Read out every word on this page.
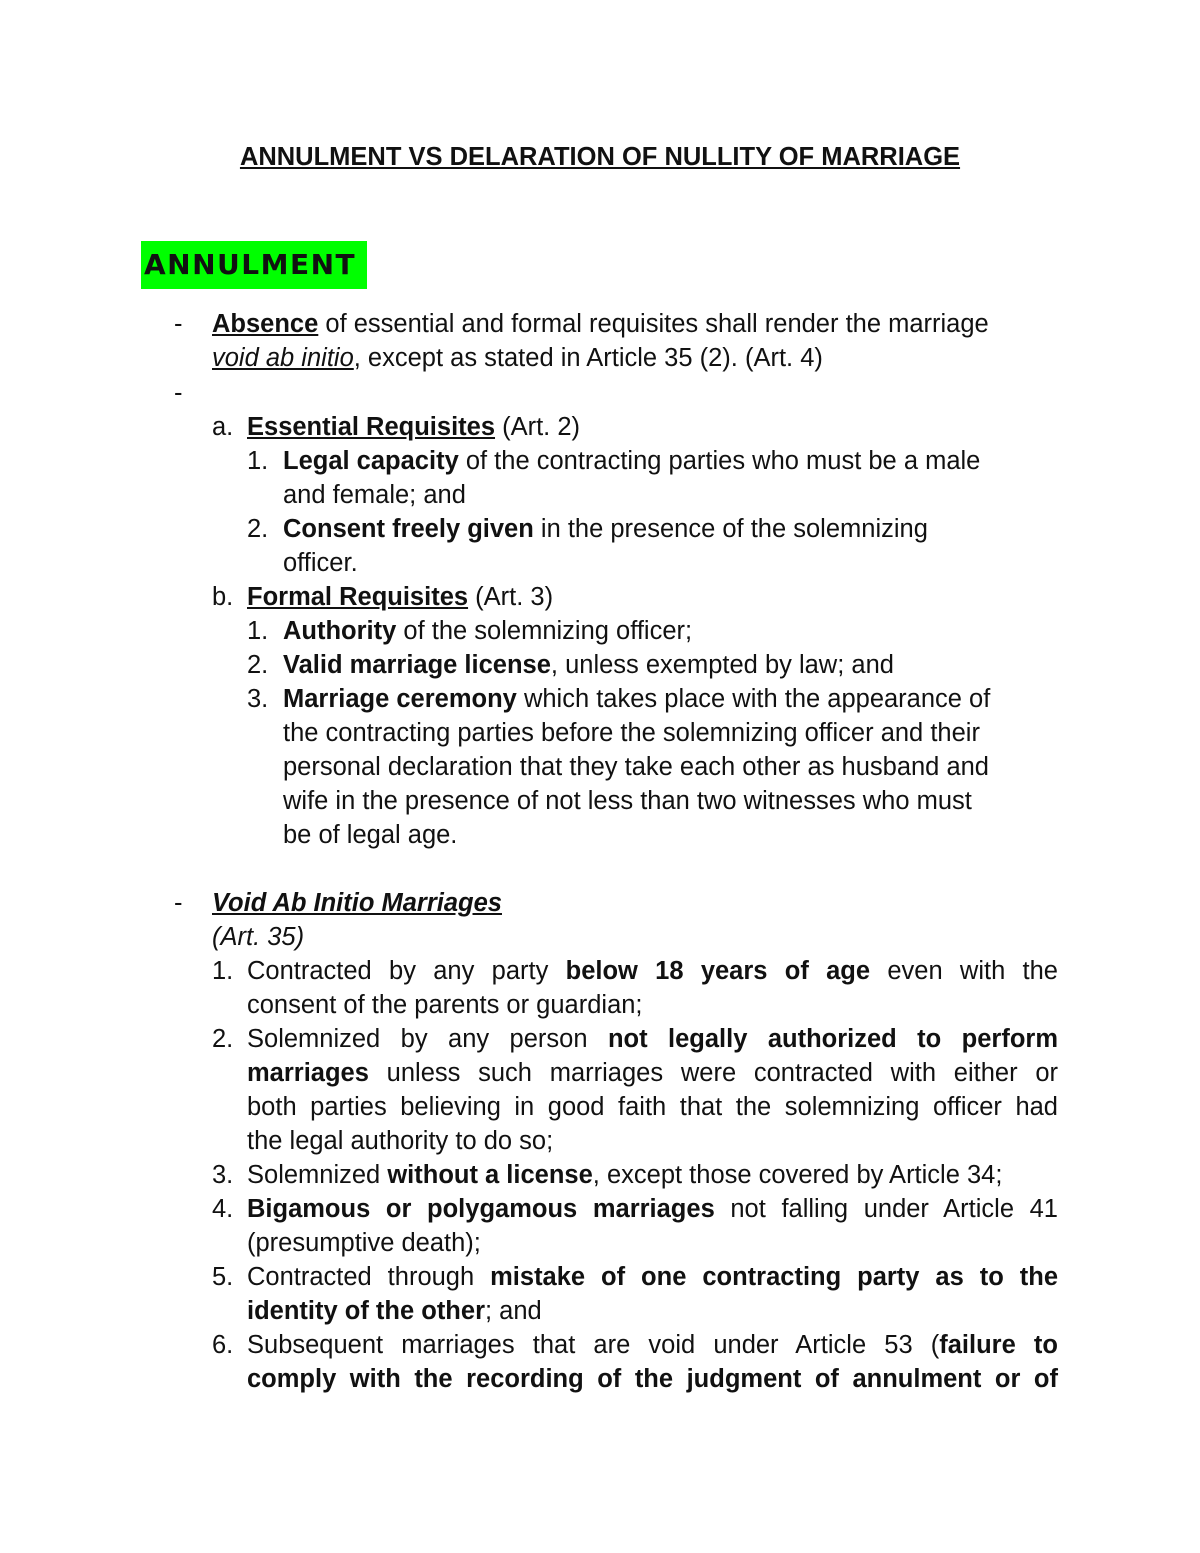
ANNULMENT VS DELARATION OF NULLITY OF MARRIAGE
ANNULMENT
- Absence of essential and formal requisites shall render the marriage

void ab initio, except as stated in Article 35 (2). (Art. 4)

-
a. Essential Requisites (Art. 2)

1. Legal capacity of the contracting parties who must be a male

and female; and

2. Consent freely given in the presence of the solemnizing

officer.

b. Formal Requisites (Art. 3)

1. Authority of the solemnizing officer;

2. Valid marriage license, unless exempted by law; and

3. Marriage ceremony which takes place with the appearance of

the contracting parties before the solemnizing officer and their

personal declaration that they take each other as husband and

wife in the presence of not less than two witnesses who must

be of legal age.

- Void Ab Initio Marriages

(Art. 35)

1. Contracted by any party below 18 years of age even with the

consent of the parents or guardian;

2. Solemnized by any person not legally authorized to perform

marriages unless such marriages were contracted with either or

both parties believing in good faith that the solemnizing officer had

the legal authority to do so;

3. Solemnized without a license, except those covered by Article 34;

4. Bigamous or polygamous marriages not falling under Article 41

(presumptive death);

5. Contracted through mistake of one contracting party as to the

identity of the other; and

6. Subsequent marriages that are void under Article 53 (failure to

comply with the recording of the judgment of annulment or of
